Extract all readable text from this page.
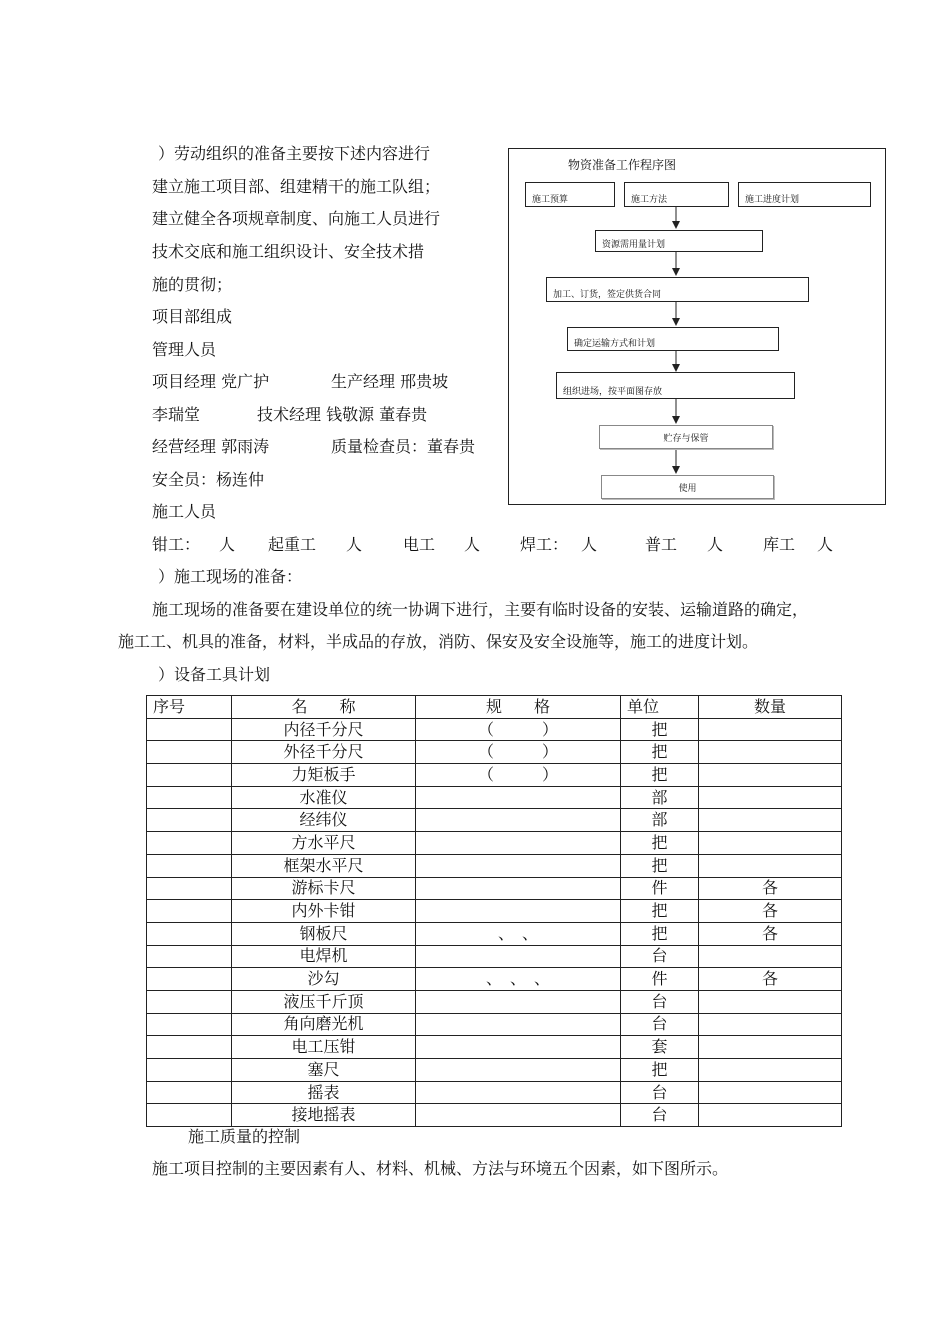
）劳动组织的准备主要按下述内容进行
建立施工项目部、组建精干的施工队组；
建立健全各项规章制度、向施工人员进行
技术交底和施工组织设计、安全技术措
施的贯彻；
项目部组成
管理人员
项目经理 党广护	生产经理 邢贵坡
李瑞堂	技术经理 钱敬源 董春贵
经营经理 郭雨涛	质量检查员：董春贵
安全员：杨连仲
施工人员
钳工： 人 起重工 人	电工 人 焊工： 人	普工 人 库工 人
物资准备工作程序图
施工预算	施工方法	施工进度计划
资源需用量计划
加工、订货，签定供货合同
确定运输方式和计划
组织进场，按平面图存放
贮存与保管
使用
）施工现场的准备：
施工现场的准备要在建设单位的统一协调下进行，主要有临时设备的安装、运输道路的确定，
施工工、机具的准备，材料，半成品的存放，消防、保安及安全设施等，施工的进度计划。
）设备工具计划
序号	名　　称	规　　格	单位	数量
	内径千分尺	（　　　）	把	
	外径千分尺	（　　　）	把	
	力矩板手	（　　　）	把	
	水准仪		部	
	经纬仪		部	
	方水平尺		把	
	框架水平尺		把	
	游标卡尺		件	各
	内外卡钳		把	各
	钢板尺	、　、	把	各
	电焊机		台	
	沙勾	、　、　、	件	各
	液压千斤顶		台	
	角向磨光机		台	
	电工压钳		套	
	塞尺		把	
	摇表		台	
	接地摇表		台	
施工质量的控制
施工项目控制的主要因素有人、材料、机械、方法与环境五个因素，如下图所示。
